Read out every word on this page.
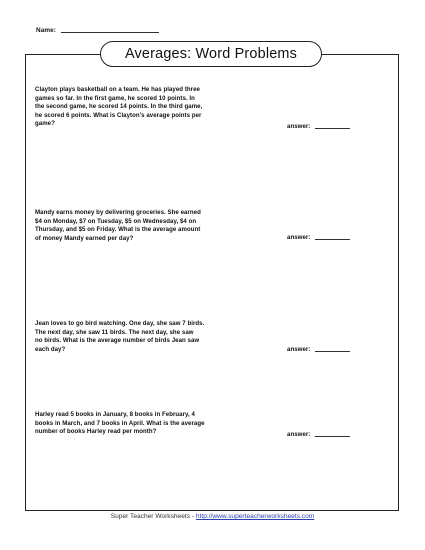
Name:
Averages: Word Problems
Clayton plays basketball on a team. He has played three
games so far. In the first game, he scored 10 points. In
the second game, he scored 14 points. In the third game,
he scored 6 points. What is Clayton's average points per
game?	answer:
Mandy earns money by delivering groceries. She earned
$4 on Monday, $7 on Tuesday, $5 on Wednesday, $4 on
Thursday, and $5 on Friday. What is the average amount
of money Mandy earned per day?	answer:
Jean loves to go bird watching. One day, she saw 7 birds.
The next day, she saw 11 birds. The next day, she saw
no birds. What is the average number of birds Jean saw
each day?	answer:
Harley read 5 books in January, 8 books in February, 4
books in March, and 7 books in April. What is the average
number of books Harley read per month?	answer:
Super Teacher Worksheets - http://www.superteacherworksheets.com
